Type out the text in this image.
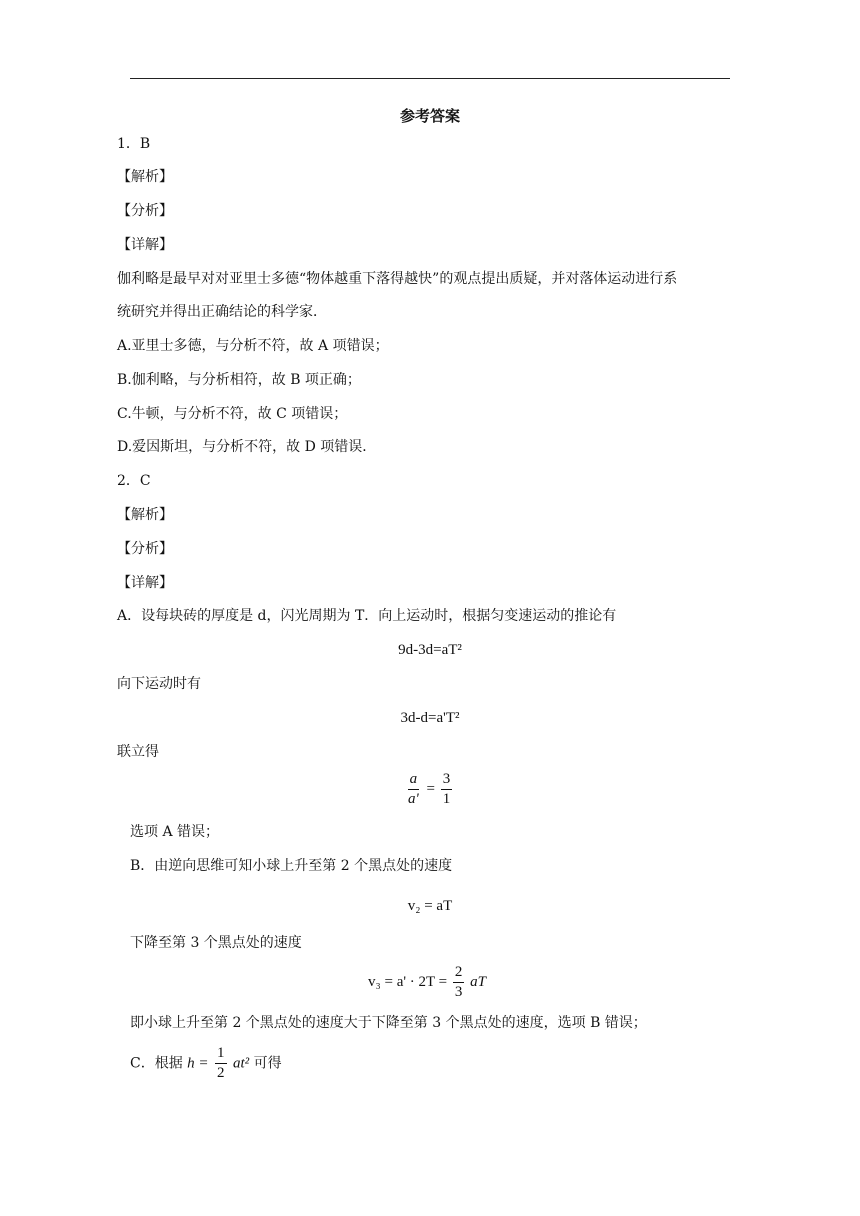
参考答案
1．B
【解析】
【分析】
【详解】
伽利略是最早对对亚里士多德“物体越重下落得越快”的观点提出质疑，并对落体运动进行系
统研究并得出正确结论的科学家．
A.亚里士多德，与分析不符，故 A 项错误；
B.伽利略，与分析相符，故 B 项正确；
C.牛顿，与分析不符，故 C 项错误；
D.爱因斯坦，与分析不符，故 D 项错误．
2．C
【解析】
【分析】
【详解】
A．设每块砖的厚度是 d，闪光周期为 T．向上运动时，根据匀变速运动的推论有
9d-3d=aT²
向下运动时有
3d-d=a'T²
联立得
$\frac{a}{a'} = \frac{3}{1}$
选项 A 错误；
B．由逆向思维可知小球上升至第 2 个黑点处的速度
v₂ = aT
下降至第 3 个黑点处的速度
$v_3 = a' \cdot 2T = \frac{2}{3}$ aT
即小球上升至第 2 个黑点处的速度大于下降至第 3 个黑点处的速度，选项 B 错误；
C．根据 $h = \frac{1}{2} at^2$ 可得
